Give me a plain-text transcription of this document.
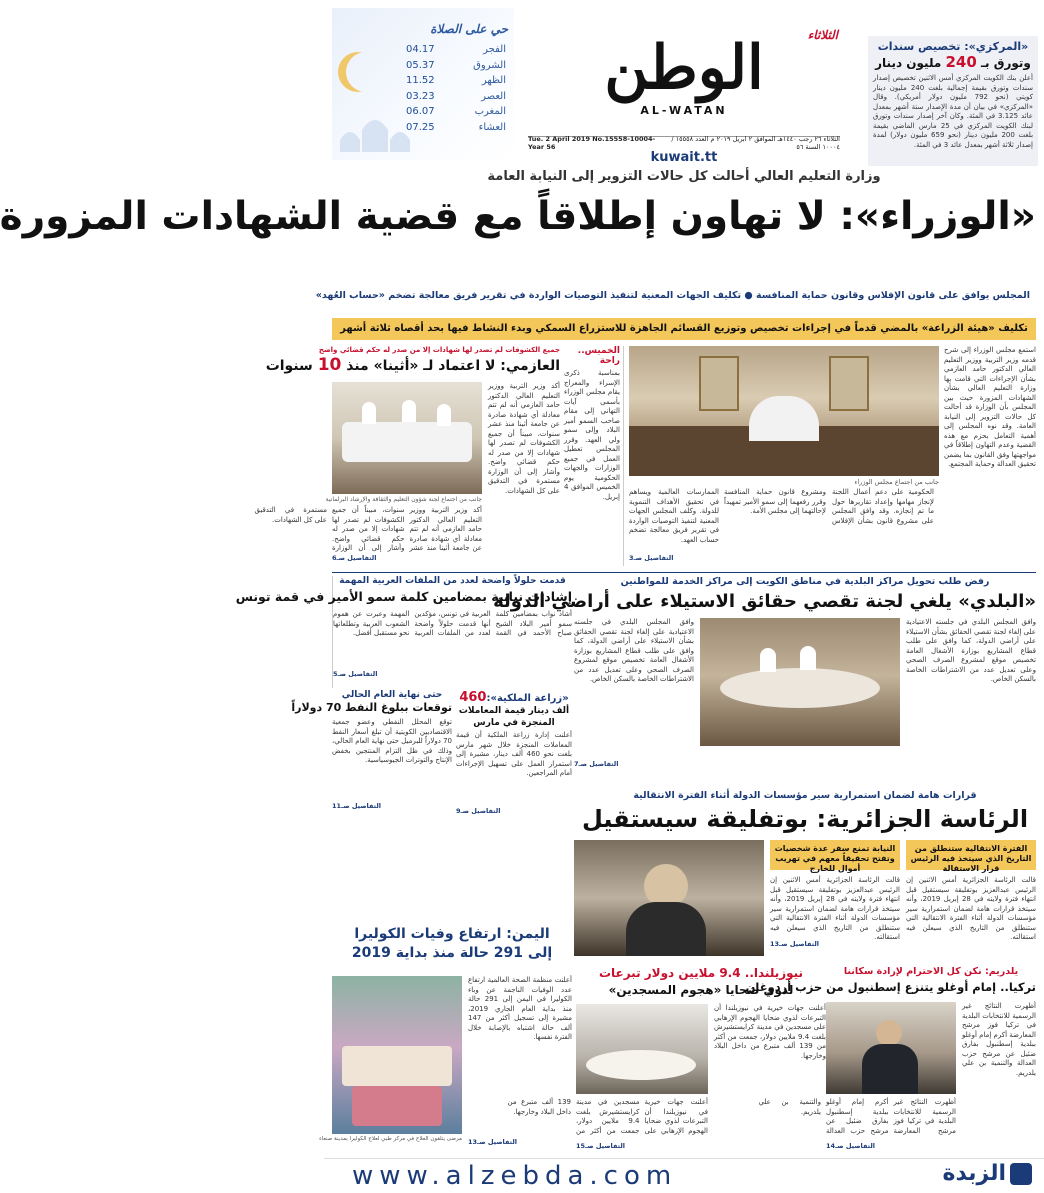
«المركزي»: تخصيص سندات
وتورق بـ 240 مليون دينار
أعلن بنك الكويت المركزي أمس الاثنين تخصيص إصدار سندات وتورق بقيمة إجمالية بلغت 240 مليون دينار كويتي (نحو 792 مليون دولار أمريكي). وقال «المركزي» في بيان أن مدة الإصدار ستة أشهر بمعدل عائد 3.125 في المئة. وكان آخر إصدار سندات وتورق لبنك الكويت المركزي في 25 مارس الماضي بقيمة بلغت 200 مليون دينار (نحو 659 مليون دولار) لمدة إصدار ثلاثة أشهر بمعدل عائد 3 في المئة.
الثلاثاء
الوطن
AL-WATAN
الثلاثاء ٢٦ رجب ١٤٤٠هـ الموافق ٢ ابريل ٢٠١٩ م العدد ١٥٥٥٨ / ١٠٠٠٤ السنة ٥٦
Tue. 2 April 2019 No.15558-10004-Year 56
kuwait.tt
حي على الصلاة
الفجر
04.17
الشروق
05.37
الظهر
11.52
العصر
03.23
المغرب
06.07
العشاء
07.25
وزارة التعليم العالي أحالت كل حالات التزوير إلى النيابة العامة
«الوزراء»: لا تهاون إطلاقاً مع قضية الشهادات المزورة
المجلس يوافق على قانون الإفلاس وقانون حماية المنافسة ● تكليف الجهات المعنية لتنفيذ التوصيات الواردة في تقرير فريق معالجة تضخم «حساب العُهد»
تكليف «هيئة الزراعة» بالمضي قدماً في إجراءات تخصيص وتوزيع القسائم الجاهزة للاستزراع السمكي وبدء النشاط فيها بحد أقصاه ثلاثة أشهر
استمع مجلس الوزراء إلى شرح قدمه وزير التربية ووزير التعليم العالي الدكتور حامد العازمي بشأن الإجراءات التي قامت بها وزارة التعليم العالي بشأن الشهادات المزورة حيث بين المجلس بأن الوزارة قد أحالت كل حالات التزوير إلى النيابة العامة. وقد نوه المجلس إلى أهمية التعامل بحزم مع هذه القضية وعدم التهاون إطلاقاً في مواجهتها وفق القانون بما يضمن تحقيق العدالة وحماية المجتمع.
جانب من اجتماع مجلس الوزراء
الحكومية على دعم أعمال اللجنة لإنجاز مهامها وإعداد تقاريرها حول ما تم إنجازه. وقد وافق المجلس على مشروع قانون بشأن الإفلاس ومشروع قانون حماية المنافسة وقرر رفعهما إلى سمو الأمير تمهيداً لإحالتهما إلى مجلس الأمة.
الممارسات العالمية ويساهم في تحقيق الأهداف التنموية للدولة. وكلف المجلس الجهات المعنية لتنفيذ التوصيات الواردة في تقرير فريق معالجة تضخم حساب العهد.
التفاصيل صـ3
الخميس.. راحة
بمناسبة ذكرى الإسراء والمعراج يقام مجلس الوزراء بأسمى آيات التهاني إلى مقام صاحب السمو أمير البلاد وإلى سمو ولي العهد. وقرر المجلس تعطيل العمل في جميع الوزارات والجهات الحكومية يوم الخميس الموافق 4 إبريل.
جميع الكشوفات لم تصدر لها شهادات إلا من صدر له حكم قضائي واضح
العازمي: لا اعتماد لـ «أثينا» منذ 10 سنوات
أكد وزير التربية ووزير التعليم العالي الدكتور حامد العازمي أنه لم تتم معادلة أي شهادة صادرة عن جامعة أثينا منذ عشر سنوات، مبيناً أن جميع الكشوفات لم تصدر لها شهادات إلا من صدر له حكم قضائي واضح. وأشار إلى أن الوزارة مستمرة في التدقيق على كل الشهادات.
جانب من اجتماع لجنة شؤون التعليم والثقافة والإرشاد البرلمانية
أكد وزير التربية ووزير التعليم العالي الدكتور حامد العازمي أنه لم تتم معادلة أي شهادة صادرة عن جامعة أثينا منذ عشر سنوات، مبيناً أن جميع الكشوفات لم تصدر لها شهادات إلا من صدر له حكم قضائي واضح. وأشار إلى أن الوزارة مستمرة في التدقيق على كل الشهادات.
التفاصيل صـ6
رفض طلب تحويل مراكز البلدية في مناطق الكويت إلى مراكز الخدمة للمواطنين
«البلدي» يلغي لجنة تقصي حقائق الاستيلاء على أراضي الدولة
وافق المجلس البلدي في جلسته الاعتيادية على إلغاء لجنة تقصي الحقائق بشأن الاستيلاء على أراضي الدولة، كما وافق على طلب قطاع المشاريع بوزارة الأشغال العامة تخصيص موقع لمشروع الصرف الصحي وعلى تعديل عدد من الاشتراطات الخاصة بالسكن الخاص.
وافق المجلس البلدي في جلسته الاعتيادية على إلغاء لجنة تقصي الحقائق بشأن الاستيلاء على أراضي الدولة، كما وافق على طلب قطاع المشاريع بوزارة الأشغال العامة تخصيص موقع لمشروع الصرف الصحي وعلى تعديل عدد من الاشتراطات الخاصة بالسكن الخاص.
التفاصيل صـ7
قدمت حلولاً واضحة لعدد من الملفات العربية المهمة
إشادات نيابية بمضامين كلمة سمو الأمير في قمة تونس
أشاد نواب بمضامين كلمة سمو أمير البلاد الشيخ صباح الأحمد في القمة العربية في تونس، مؤكدين أنها قدمت حلولاً واضحة لعدد من الملفات العربية المهمة وعبرت عن هموم الشعوب العربية وتطلعاتها نحو مستقبل أفضل.
التفاصيل صـ5
حتى نهاية العام الحالي
توقعات ببلوغ النفط 70 دولاراً
توقع المحلل النفطي وعضو جمعية الاقتصاديين الكويتية أن تبلغ أسعار النفط 70 دولاراً للبرميل حتى نهاية العام الحالي، وذلك في ظل التزام المنتجين بخفض الإنتاج والتوترات الجيوسياسية.
التفاصيل صـ11
«زراعة الملكية»:460
ألف دينار قيمة المعاملات المنجزة في مارس
أعلنت إدارة زراعة الملكية أن قيمة المعاملات المنجزة خلال شهر مارس بلغت نحو 460 ألف دينار، مشيرة إلى استمرار العمل على تسهيل الإجراءات أمام المراجعين.
التفاصيل صـ9
قرارات هامة لضمان استمرارية سير مؤسسات الدولة أثناء الفترة الانتقالية
الرئاسة الجزائرية: بوتفليقة سيستقيل
الفترة الانتقالية ستنطلق من التاريخ الذي سيتخذ فيه الرئيس قرار الاستقالة
النيابة تمنع سفر عدة شخصيات وتفتح تحقيقاً معهم في تهريب أموال للخارج
قالت الرئاسة الجزائرية أمس الاثنين إن الرئيس عبدالعزيز بوتفليقة سيستقيل قبل انتهاء فترة ولايته في 28 إبريل 2019، وأنه سيتخذ قرارات هامة لضمان استمرارية سير مؤسسات الدولة أثناء الفترة الانتقالية التي ستنطلق من التاريخ الذي سيعلن فيه استقالته.
قالت الرئاسة الجزائرية أمس الاثنين إن الرئيس عبدالعزيز بوتفليقة سيستقيل قبل انتهاء فترة ولايته في 28 إبريل 2019، وأنه سيتخذ قرارات هامة لضمان استمرارية سير مؤسسات الدولة أثناء الفترة الانتقالية التي ستنطلق من التاريخ الذي سيعلن فيه استقالته.
التفاصيل صـ13
اليمن: ارتفاع وفيات الكوليرا
إلى 291 حالة منذ بداية 2019
مرضى يتلقون العلاج في مركز طبي لعلاج الكوليرا بمدينة صنعاء
أعلنت منظمة الصحة العالمية ارتفاع عدد الوفيات الناجمة عن وباء الكوليرا في اليمن إلى 291 حالة منذ بداية العام الجاري 2019، مشيرة إلى تسجيل أكثر من 147 ألف حالة اشتباه بالإصابة خلال الفترة نفسها.
التفاصيل صـ13
يلدريم: نكن كل الاحترام لإرادة سكاننا
تركيا.. إمام أوغلو يتنزع إسطنبول من حزب أردوغان
أظهرت النتائج غير الرسمية للانتخابات البلدية في تركيا فوز مرشح المعارضة أكرم إمام أوغلو ببلدية إسطنبول بفارق ضئيل عن مرشح حزب العدالة والتنمية بن علي يلدريم.
أظهرت النتائج غير الرسمية للانتخابات البلدية في تركيا فوز مرشح المعارضة أكرم إمام أوغلو ببلدية إسطنبول بفارق ضئيل عن مرشح حزب العدالة والتنمية بن علي يلدريم.
التفاصيل صـ14
نيوزيلندا.. 9.4 ملايين دولار تبرعات
لذوي ضحايا «هجوم المسجدين»
أعلنت جهات خيرية في نيوزيلندا أن التبرعات لذوي ضحايا الهجوم الإرهابي على مسجدين في مدينة كرايستشيرش بلغت 9.4 ملايين دولار، جمعت من أكثر من 139 ألف متبرع من داخل البلاد وخارجها.
أعلنت جهات خيرية في نيوزيلندا أن التبرعات لذوي ضحايا الهجوم الإرهابي على مسجدين في مدينة كرايستشيرش بلغت 9.4 ملايين دولار، جمعت من أكثر من 139 ألف متبرع من داخل البلاد وخارجها.
التفاصيل صـ15
www.alzebda.com	الزبدة
